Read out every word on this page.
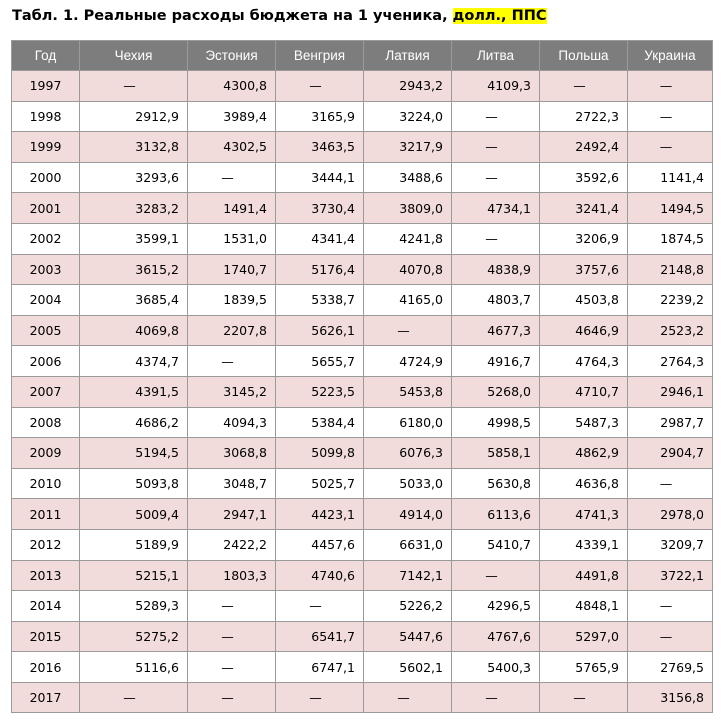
Табл. 1. Реальные расходы бюджета на 1 ученика, долл., ППС
Год	Чехия	Эстония	Венгрия	Латвия	Литва	Польша	Украина
1997	—	4300,8	—	2943,2	4109,3	—	—
1998	2912,9	3989,4	3165,9	3224,0	—	2722,3	—
1999	3132,8	4302,5	3463,5	3217,9	—	2492,4	—
2000	3293,6	—	3444,1	3488,6	—	3592,6	1141,4
2001	3283,2	1491,4	3730,4	3809,0	4734,1	3241,4	1494,5
2002	3599,1	1531,0	4341,4	4241,8	—	3206,9	1874,5
2003	3615,2	1740,7	5176,4	4070,8	4838,9	3757,6	2148,8
2004	3685,4	1839,5	5338,7	4165,0	4803,7	4503,8	2239,2
2005	4069,8	2207,8	5626,1	—	4677,3	4646,9	2523,2
2006	4374,7	—	5655,7	4724,9	4916,7	4764,3	2764,3
2007	4391,5	3145,2	5223,5	5453,8	5268,0	4710,7	2946,1
2008	4686,2	4094,3	5384,4	6180,0	4998,5	5487,3	2987,7
2009	5194,5	3068,8	5099,8	6076,3	5858,1	4862,9	2904,7
2010	5093,8	3048,7	5025,7	5033,0	5630,8	4636,8	—
2011	5009,4	2947,1	4423,1	4914,0	6113,6	4741,3	2978,0
2012	5189,9	2422,2	4457,6	6631,0	5410,7	4339,1	3209,7
2013	5215,1	1803,3	4740,6	7142,1	—	4491,8	3722,1
2014	5289,3	—	—	5226,2	4296,5	4848,1	—
2015	5275,2	—	6541,7	5447,6	4767,6	5297,0	—
2016	5116,6	—	6747,1	5602,1	5400,3	5765,9	2769,5
2017	—	—	—	—	—	—	3156,8
